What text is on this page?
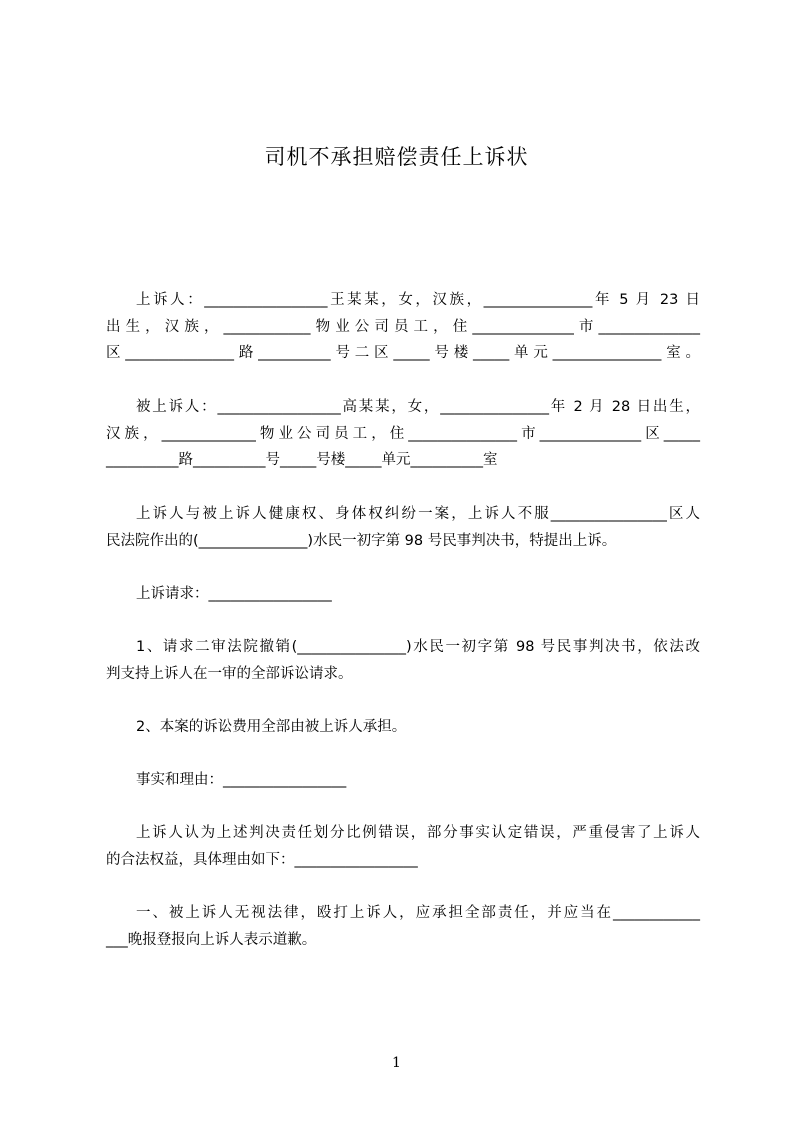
司机不承担赔偿责任上诉状
上诉人：_________________王某某，女，汉族，_______________年 5 月 23 日
出生，汉族，____________物业公司员工，住______________市______________
区_______________路__________号二区_____号楼_____单元_______________室。
被上诉人：_________________高某某，女，_______________年 2 月 28 日出生，
汉族，_____________物业公司员工，住_______________市______________区_____
__________路__________号_____号楼_____单元__________室
上诉人与被上诉人健康权、身体权纠纷一案，上诉人不服________________区人
民法院作出的(_______________)水民一初字第 98 号民事判决书，特提出上诉。
上诉请求：_________________
1、请求二审法院撤销(_______________)水民一初字第 98 号民事判决书，依法改
判支持上诉人在一审的全部诉讼请求。
2、本案的诉讼费用全部由被上诉人承担。
事实和理由：_________________
上诉人认为上述判决责任划分比例错误，部分事实认定错误，严重侵害了上诉人
的合法权益，具体理由如下：_________________
一、被上诉人无视法律，殴打上诉人，应承担全部责任，并应当在____________
___晚报登报向上诉人表示道歉。
1
